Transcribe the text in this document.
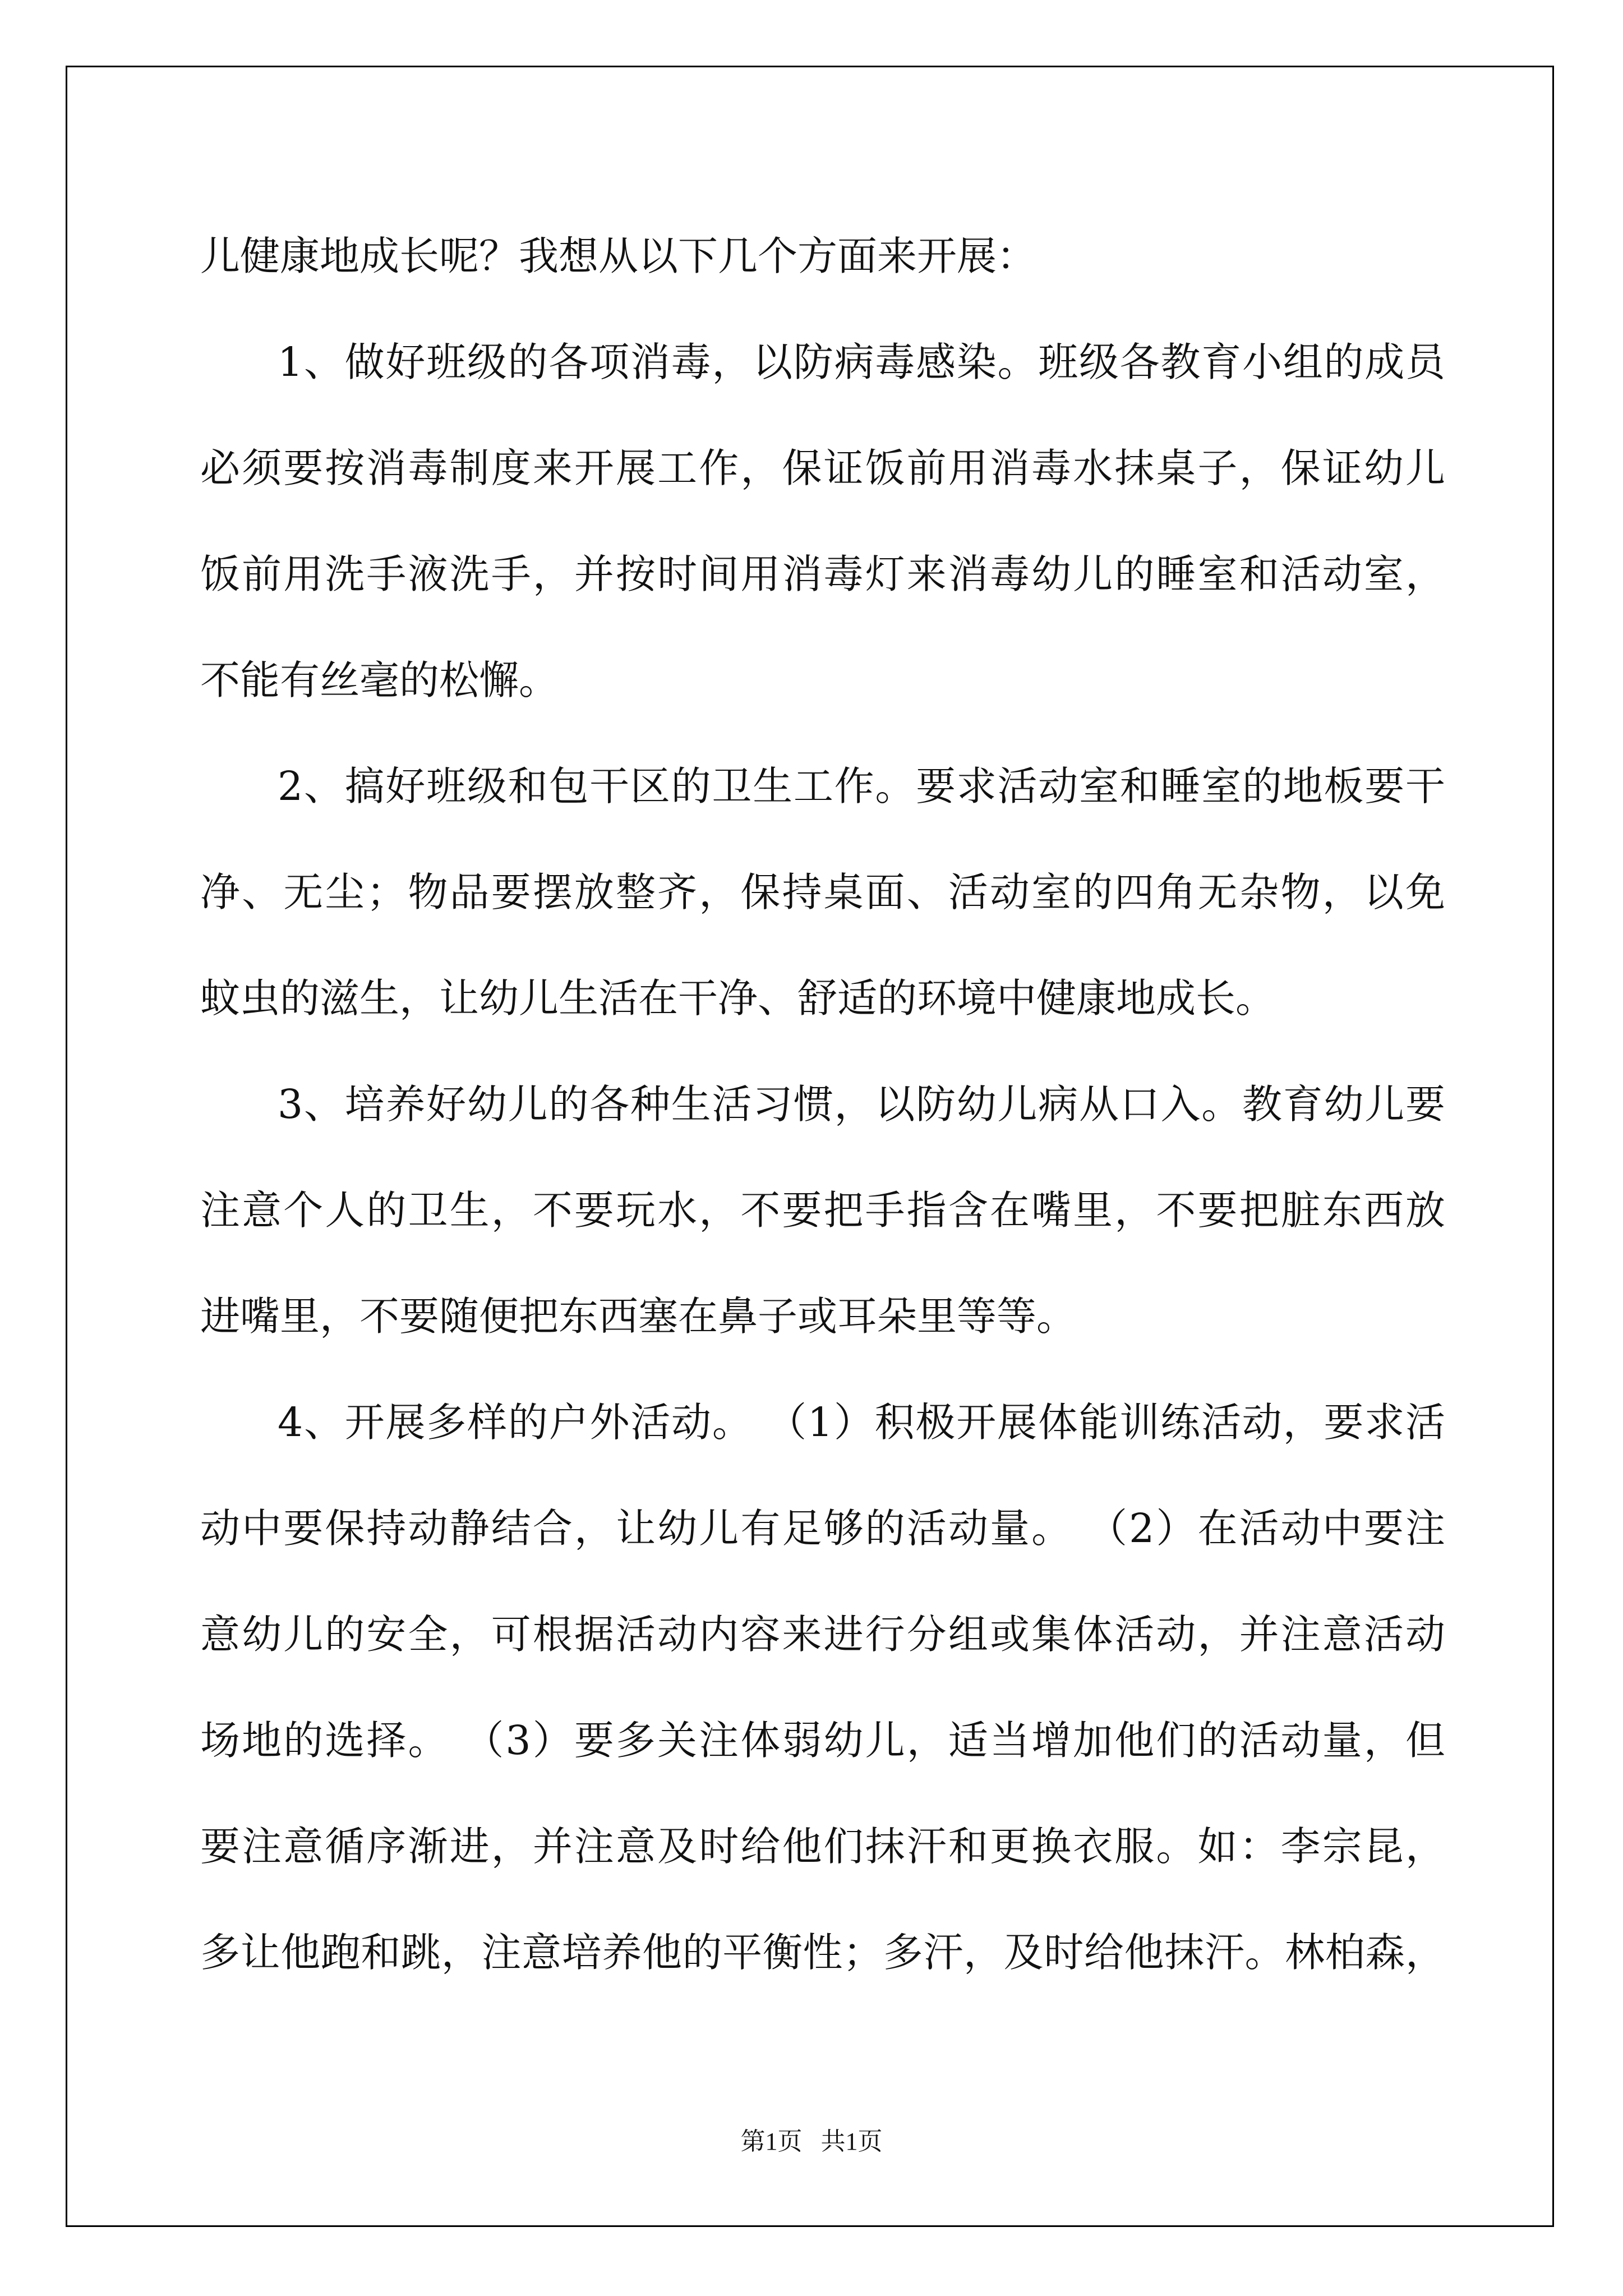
儿健康地成长呢？我想从以下几个方面来开展：
1、做好班级的各项消毒，以防病毒感染。班级各教育小组的成员
必须要按消毒制度来开展工作，保证饭前用消毒水抹桌子，保证幼儿
饭前用洗手液洗手，并按时间用消毒灯来消毒幼儿的睡室和活动室，
不能有丝毫的松懈。
2、搞好班级和包干区的卫生工作。要求活动室和睡室的地板要干
净、无尘；物品要摆放整齐，保持桌面、活动室的四角无杂物，以免
蚊虫的滋生，让幼儿生活在干净、舒适的环境中健康地成长。
3、培养好幼儿的各种生活习惯，以防幼儿病从口入。教育幼儿要
注意个人的卫生，不要玩水，不要把手指含在嘴里，不要把脏东西放
进嘴里，不要随便把东西塞在鼻子或耳朵里等等。
4、开展多样的户外活动。 （1）积极开展体能训练活动，要求活
动中要保持动静结合，让幼儿有足够的活动量。 （2）在活动中要注
意幼儿的安全，可根据活动内容来进行分组或集体活动，并注意活动
场地的选择。 （3）要多关注体弱幼儿，适当增加他们的活动量，但
要注意循序渐进，并注意及时给他们抹汗和更换衣服。如：李宗昆，
多让他跑和跳，注意培养他的平衡性；多汗，及时给他抹汗。林柏森，
第1页   共1页
